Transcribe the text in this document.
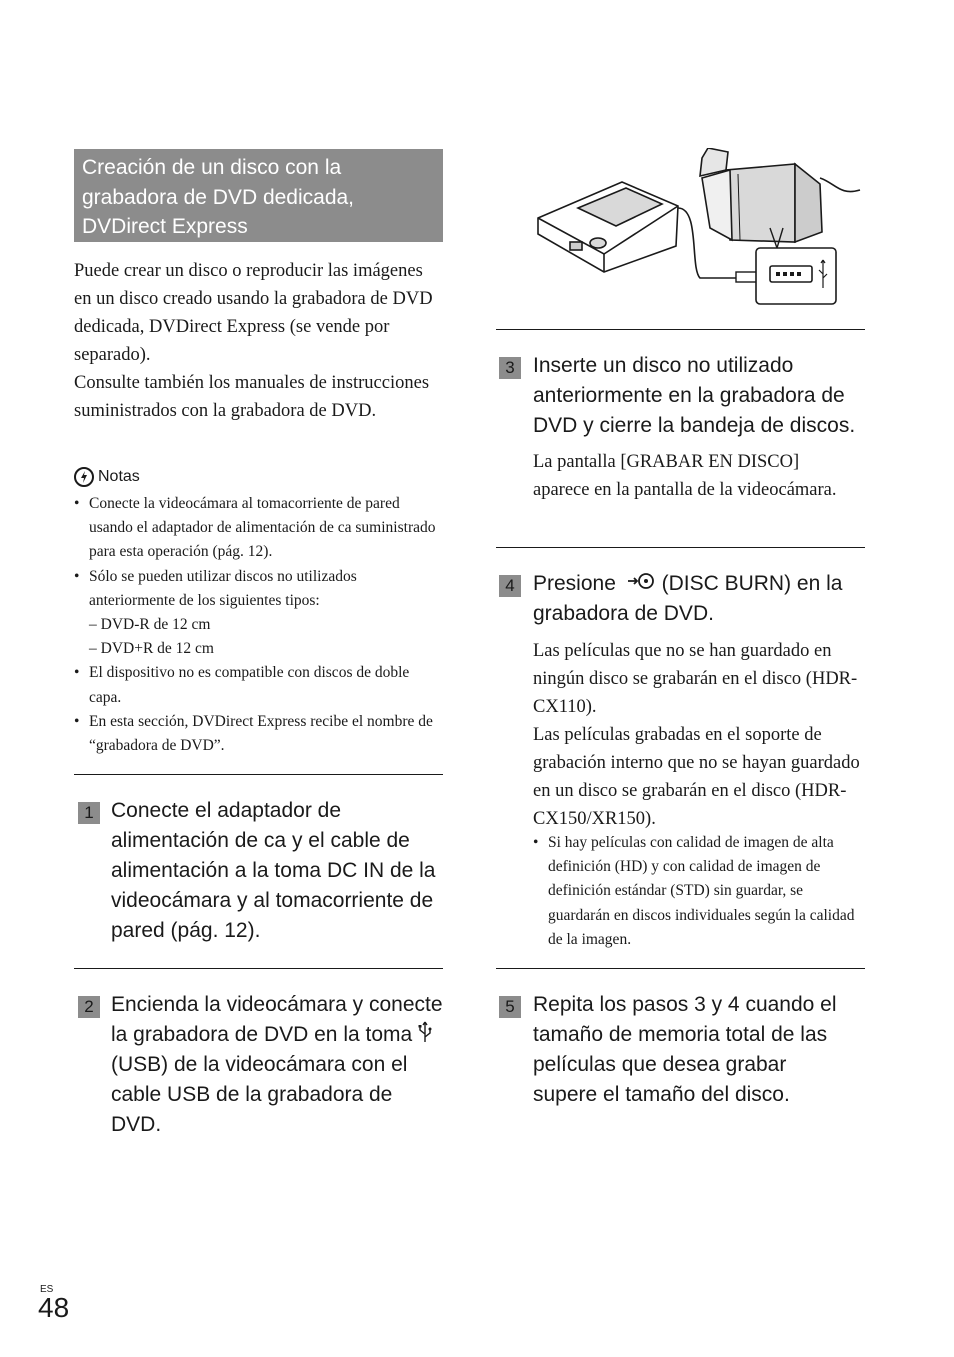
Creación de un disco con la grabadora de DVD dedicada, DVDirect Express
Puede crear un disco o reproducir las imágenes en un disco creado usando la grabadora de DVD dedicada, DVDirect Express (se vende por separado).
Consulte también los manuales de instrucciones suministrados con la grabadora de DVD.
Notas
• Conecte la videocámara al tomacorriente de pared usando el adaptador de alimentación de ca suministrado para esta operación (pág. 12).
• Sólo se pueden utilizar discos no utilizados anteriormente de los siguientes tipos:
– DVD-R de 12 cm
– DVD+R de 12 cm
• El dispositivo no es compatible con discos de doble capa.
• En esta sección, DVDirect Express recibe el nombre de “grabadora de DVD”.
1 Conecte el adaptador de alimentación de ca y el cable de alimentación a la toma DC IN de la videocámara y al tomacorriente de pared (pág. 12).
2 Encienda la videocámara y conecte la grabadora de DVD en la toma  (USB) de la videocámara con el cable USB de la grabadora de DVD.
3 Inserte un disco no utilizado anteriormente en la grabadora de DVD y cierre la bandeja de discos.
La pantalla [GRABAR EN DISCO] aparece en la pantalla de la videocámara.
4 Presione (DISC BURN) en la grabadora de DVD.
Las películas que no se han guardado en ningún disco se grabarán en el disco (HDR-CX110).
Las películas grabadas en el soporte de grabación interno que no se hayan guardado en un disco se grabarán en el disco (HDR-CX150/XR150).
• Si hay películas con calidad de imagen de alta definición (HD) y con calidad de imagen de definición estándar (STD) sin guardar, se guardarán en discos individuales según la calidad de la imagen.
5 Repita los pasos 3 y 4 cuando el tamaño de memoria total de las películas que desea grabar supere el tamaño del disco.
ES
48
